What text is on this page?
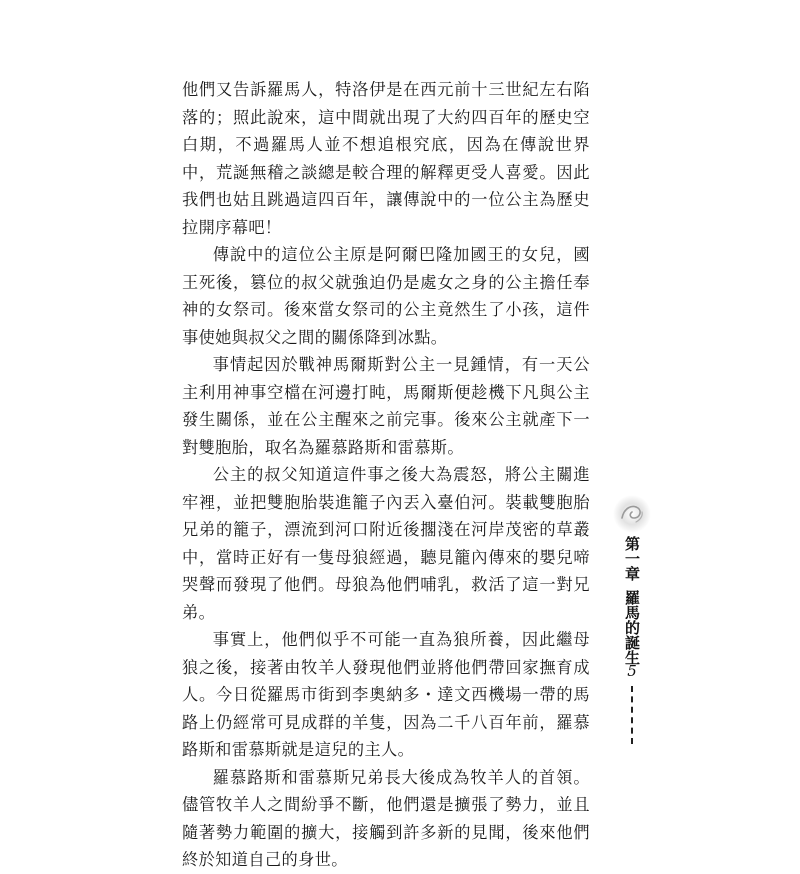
他們又告訴羅馬人，特洛伊是在西元前十三世紀左右陷落的；照此說來，這中間就出現了大約四百年的歷史空白期，不過羅馬人並不想追根究底，因為在傳說世界中，荒誕無稽之談總是較合理的解釋更受人喜愛。因此我們也姑且跳過這四百年，讓傳說中的一位公主為歷史拉開序幕吧！

傳說中的這位公主原是阿爾巴隆加國王的女兒，國王死後，篡位的叔父就強迫仍是處女之身的公主擔任奉神的女祭司。後來當女祭司的公主竟然生了小孩，這件事使她與叔父之間的關係降到冰點。

事情起因於戰神馬爾斯對公主一見鍾情，有一天公主利用神事空檔在河邊打盹，馬爾斯便趁機下凡與公主發生關係，並在公主醒來之前完事。後來公主就產下一對雙胞胎，取名為羅慕路斯和雷慕斯。

公主的叔父知道這件事之後大為震怒，將公主關進牢裡，並把雙胞胎裝進籠子內丟入臺伯河。裝載雙胞胎兄弟的籠子，漂流到河口附近後擱淺在河岸茂密的草叢中，當時正好有一隻母狼經過，聽見籠內傳來的嬰兒啼哭聲而發現了他們。母狼為他們哺乳，救活了這一對兄弟。

事實上，他們似乎不可能一直為狼所養，因此繼母狼之後，接著由牧羊人發現他們並將他們帶回家撫育成人。今日從羅馬市街到李奧納多・達文西機場一帶的馬路上仍經常可見成群的羊隻，因為二千八百年前，羅慕路斯和雷慕斯就是這兒的主人。

羅慕路斯和雷慕斯兄弟長大後成為牧羊人的首領。儘管牧羊人之間紛爭不斷，他們還是擴張了勢力，並且隨著勢力範圍的擴大，接觸到許多新的見聞，後來他們終於知道自己的身世。

第一章
羅馬的誕生
5
